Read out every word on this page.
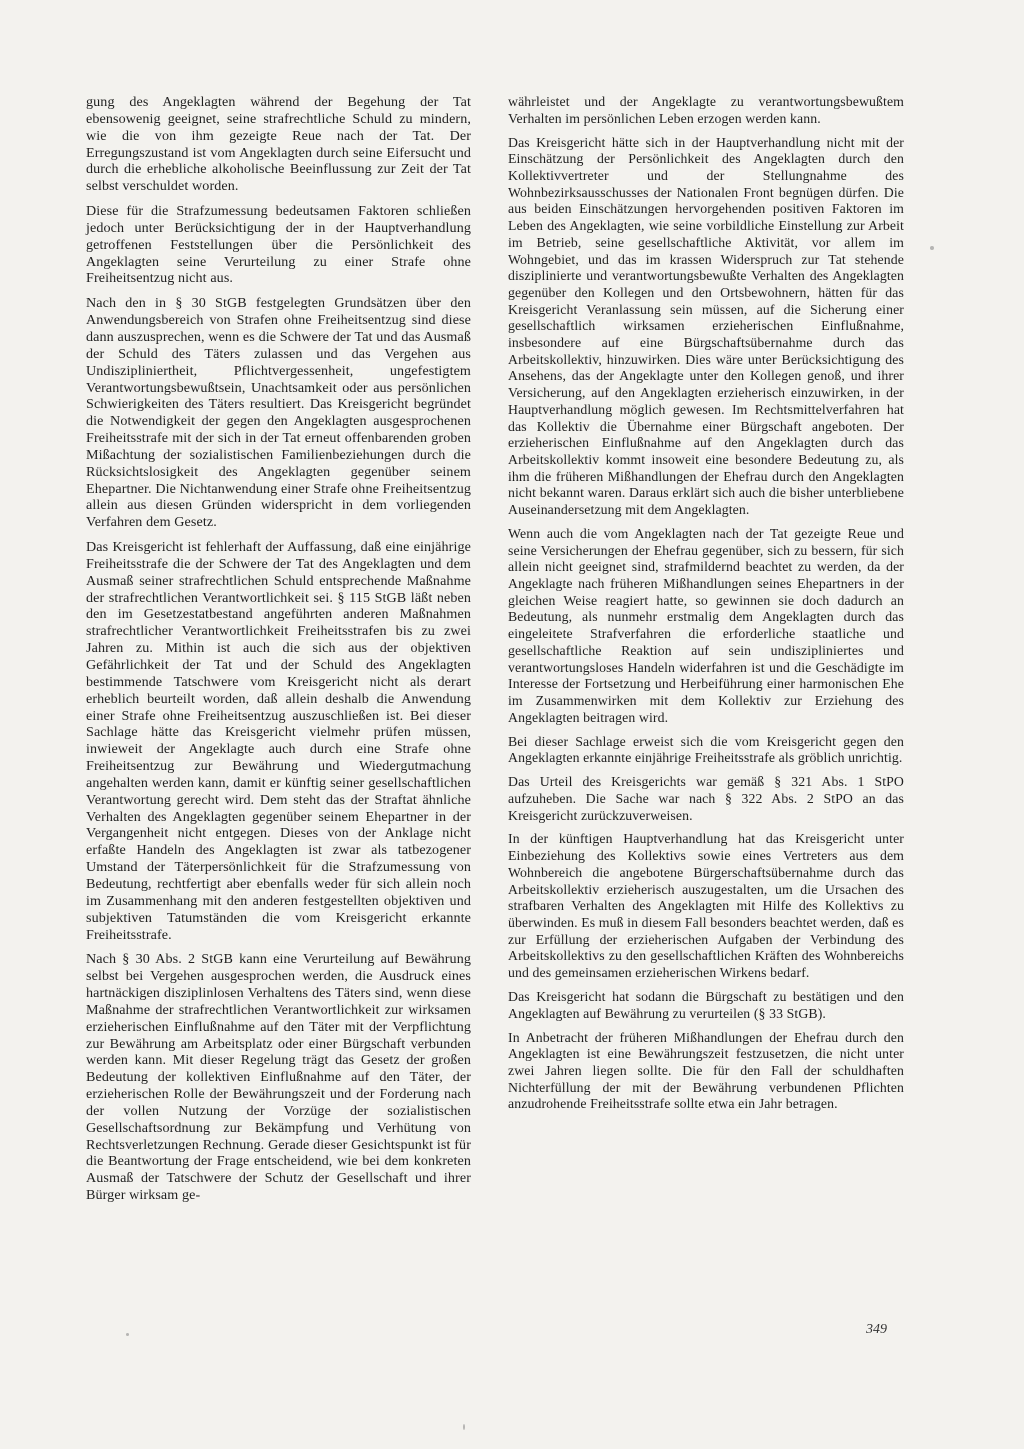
gung des Angeklagten während der Begehung der Tat ebensowenig geeignet, seine strafrechtliche Schuld zu mindern, wie die von ihm gezeigte Reue nach der Tat. Der Erregungszustand ist vom Angeklagten durch seine Eifersucht und durch die erhebliche alkoholische Beeinflussung zur Zeit der Tat selbst verschuldet worden.

Diese für die Strafzumessung bedeutsamen Faktoren schließen jedoch unter Berücksichtigung der in der Hauptverhandlung getroffenen Feststellungen über die Persönlichkeit des Angeklagten seine Verurteilung zu einer Strafe ohne Freiheitsentzug nicht aus.

Nach den in § 30 StGB festgelegten Grundsätzen über den Anwendungsbereich von Strafen ohne Freiheitsentzug sind diese dann auszusprechen, wenn es die Schwere der Tat und das Ausmaß der Schuld des Täters zulassen und das Vergehen aus Undiszipliniertheit, Pflichtvergessenheit, ungefestigtem Verantwortungsbewußtsein, Unachtsamkeit oder aus persönlichen Schwierigkeiten des Täters resultiert. Das Kreisgericht begründet die Notwendigkeit der gegen den Angeklagten ausgesprochenen Freiheitsstrafe mit der sich in der Tat erneut offenbarenden groben Mißachtung der sozialistischen Familienbeziehungen durch die Rücksichtslosigkeit des Angeklagten gegenüber seinem Ehepartner. Die Nichtanwendung einer Strafe ohne Freiheitsentzug allein aus diesen Gründen widerspricht in dem vorliegenden Verfahren dem Gesetz.

Das Kreisgericht ist fehlerhaft der Auffassung, daß eine einjährige Freiheitsstrafe die der Schwere der Tat des Angeklagten und dem Ausmaß seiner strafrechtlichen Schuld entsprechende Maßnahme der strafrechtlichen Verantwortlichkeit sei. § 115 StGB läßt neben den im Gesetzestatbestand angeführten anderen Maßnahmen strafrechtlicher Verantwortlichkeit Freiheitsstrafen bis zu zwei Jahren zu. Mithin ist auch die sich aus der objektiven Gefährlichkeit der Tat und der Schuld des Angeklagten bestimmende Tatschwere vom Kreisgericht nicht als derart erheblich beurteilt worden, daß allein deshalb die Anwendung einer Strafe ohne Freiheitsentzug auszuschließen ist. Bei dieser Sachlage hätte das Kreisgericht vielmehr prüfen müssen, inwieweit der Angeklagte auch durch eine Strafe ohne Freiheitsentzug zur Bewährung und Wiedergutmachung angehalten werden kann, damit er künftig seiner gesellschaftlichen Verantwortung gerecht wird. Dem steht das der Straftat ähnliche Verhalten des Angeklagten gegenüber seinem Ehepartner in der Vergangenheit nicht entgegen. Dieses von der Anklage nicht erfaßte Handeln des Angeklagten ist zwar als tatbezogener Umstand der Täterpersönlichkeit für die Strafzumessung von Bedeutung, rechtfertigt aber ebenfalls weder für sich allein noch im Zusammenhang mit den anderen festgestellten objektiven und subjektiven Tatumständen die vom Kreisgericht erkannte Freiheitsstrafe.

Nach § 30 Abs. 2 StGB kann eine Verurteilung auf Bewährung selbst bei Vergehen ausgesprochen werden, die Ausdruck eines hartnäckigen disziplinlosen Verhaltens des Täters sind, wenn diese Maßnahme der strafrechtlichen Verantwortlichkeit zur wirksamen erzieherischen Einflußnahme auf den Täter mit der Verpflichtung zur Bewährung am Arbeitsplatz oder einer Bürgschaft verbunden werden kann. Mit dieser Regelung trägt das Gesetz der großen Bedeutung der kollektiven Einflußnahme auf den Täter, der erzieherischen Rolle der Bewährungszeit und der Forderung nach der vollen Nutzung der Vorzüge der sozialistischen Gesellschaftsordnung zur Bekämpfung und Verhütung von Rechtsverletzungen Rechnung. Gerade dieser Gesichtspunkt ist für die Beantwortung der Frage entscheidend, wie bei dem konkreten Ausmaß der Tatschwere der Schutz der Gesellschaft und ihrer Bürger wirksam ge-

währleistet und der Angeklagte zu verantwortungsbewußtem Verhalten im persönlichen Leben erzogen werden kann.

Das Kreisgericht hätte sich in der Hauptverhandlung nicht mit der Einschätzung der Persönlichkeit des Angeklagten durch den Kollektivvertreter und der Stellungnahme des Wohnbezirksausschusses der Nationalen Front begnügen dürfen. Die aus beiden Einschätzungen hervorgehenden positiven Faktoren im Leben des Angeklagten, wie seine vorbildliche Einstellung zur Arbeit im Betrieb, seine gesellschaftliche Aktivität, vor allem im Wohngebiet, und das im krassen Widerspruch zur Tat stehende disziplinierte und verantwortungsbewußte Verhalten des Angeklagten gegenüber den Kollegen und den Ortsbewohnern, hätten für das Kreisgericht Veranlassung sein müssen, auf die Sicherung einer gesellschaftlich wirksamen erzieherischen Einflußnahme, insbesondere auf eine Bürgschaftsübernahme durch das Arbeitskollektiv, hinzuwirken. Dies wäre unter Berücksichtigung des Ansehens, das der Angeklagte unter den Kollegen genoß, und ihrer Versicherung, auf den Angeklagten erzieherisch einzuwirken, in der Hauptverhandlung möglich gewesen. Im Rechtsmittelverfahren hat das Kollektiv die Übernahme einer Bürgschaft angeboten. Der erzieherischen Einflußnahme auf den Angeklagten durch das Arbeitskollektiv kommt insoweit eine besondere Bedeutung zu, als ihm die früheren Mißhandlungen der Ehefrau durch den Angeklagten nicht bekannt waren. Daraus erklärt sich auch die bisher unterbliebene Auseinandersetzung mit dem Angeklagten.

Wenn auch die vom Angeklagten nach der Tat gezeigte Reue und seine Versicherungen der Ehefrau gegenüber, sich zu bessern, für sich allein nicht geeignet sind, strafmildernd beachtet zu werden, da der Angeklagte nach früheren Mißhandlungen seines Ehepartners in der gleichen Weise reagiert hatte, so gewinnen sie doch dadurch an Bedeutung, als nunmehr erstmalig dem Angeklagten durch das eingeleitete Strafverfahren die erforderliche staatliche und gesellschaftliche Reaktion auf sein undiszipliniertes und verantwortungsloses Handeln widerfahren ist und die Geschädigte im Interesse der Fortsetzung und Herbeiführung einer harmonischen Ehe im Zusammenwirken mit dem Kollektiv zur Erziehung des Angeklagten beitragen wird.

Bei dieser Sachlage erweist sich die vom Kreisgericht gegen den Angeklagten erkannte einjährige Freiheitsstrafe als gröblich unrichtig.

Das Urteil des Kreisgerichts war gemäß § 321 Abs. 1 StPO aufzuheben. Die Sache war nach § 322 Abs. 2 StPO an das Kreisgericht zurückzuverweisen.

In der künftigen Hauptverhandlung hat das Kreisgericht unter Einbeziehung des Kollektivs sowie eines Vertreters aus dem Wohnbereich die angebotene Bürgerschaftsübernahme durch das Arbeitskollektiv erzieherisch auszugestalten, um die Ursachen des strafbaren Verhalten des Angeklagten mit Hilfe des Kollektivs zu überwinden. Es muß in diesem Fall besonders beachtet werden, daß es zur Erfüllung der erzieherischen Aufgaben der Verbindung des Arbeitskollektivs zu den gesellschaftlichen Kräften des Wohnbereichs und des gemeinsamen erzieherischen Wirkens bedarf.

Das Kreisgericht hat sodann die Bürgschaft zu bestätigen und den Angeklagten auf Bewährung zu verurteilen (§ 33 StGB).

In Anbetracht der früheren Mißhandlungen der Ehefrau durch den Angeklagten ist eine Bewährungszeit festzusetzen, die nicht unter zwei Jahren liegen sollte. Die für den Fall der schuldhaften Nichterfüllung der mit der Bewährung verbundenen Pflichten anzudrohende Freiheitsstrafe sollte etwa ein Jahr betragen.

349
